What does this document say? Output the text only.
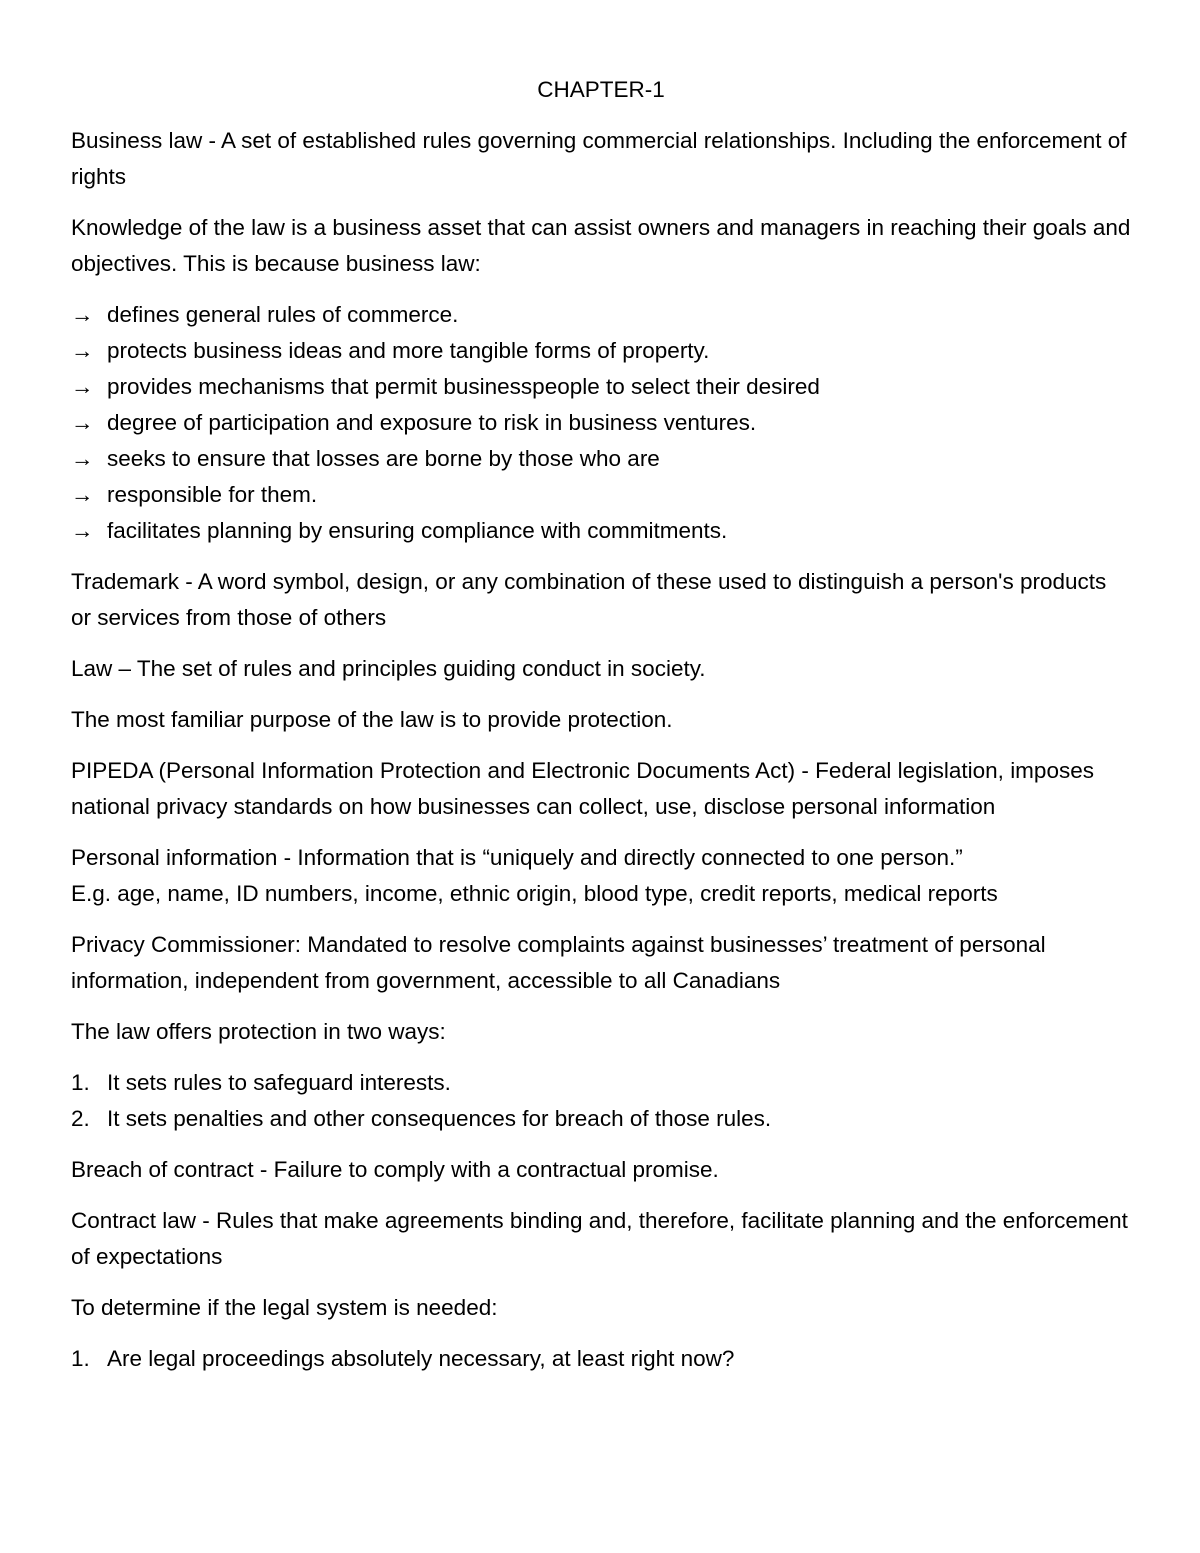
CHAPTER-1

Business law - A set of established rules governing commercial relationships. Including the enforcement of rights

Knowledge of the law is a business asset that can assist owners and managers in reaching their goals and objectives. This is because business law:

→ defines general rules of commerce.
→ protects business ideas and more tangible forms of property.
→ provides mechanisms that permit businesspeople to select their desired
→ degree of participation and exposure to risk in business ventures.
→ seeks to ensure that losses are borne by those who are
→ responsible for them.
→ facilitates planning by ensuring compliance with commitments.

Trademark - A word symbol, design, or any combination of these used to distinguish a person's products or services from those of others

Law – The set of rules and principles guiding conduct in society.

The most familiar purpose of the law is to provide protection.

PIPEDA (Personal Information Protection and Electronic Documents Act) - Federal legislation, imposes national privacy standards on how businesses can collect, use, disclose personal information

Personal information - Information that is “uniquely and directly connected to one person.”
E.g. age, name, ID numbers, income, ethnic origin, blood type, credit reports, medical reports

Privacy Commissioner: Mandated to resolve complaints against businesses’ treatment of personal information, independent from government, accessible to all Canadians

The law offers protection in two ways:

1. It sets rules to safeguard interests.
2. It sets penalties and other consequences for breach of those rules.

Breach of contract - Failure to comply with a contractual promise.

Contract law - Rules that make agreements binding and, therefore, facilitate planning and the enforcement of expectations

To determine if the legal system is needed:

1. Are legal proceedings absolutely necessary, at least right now?
